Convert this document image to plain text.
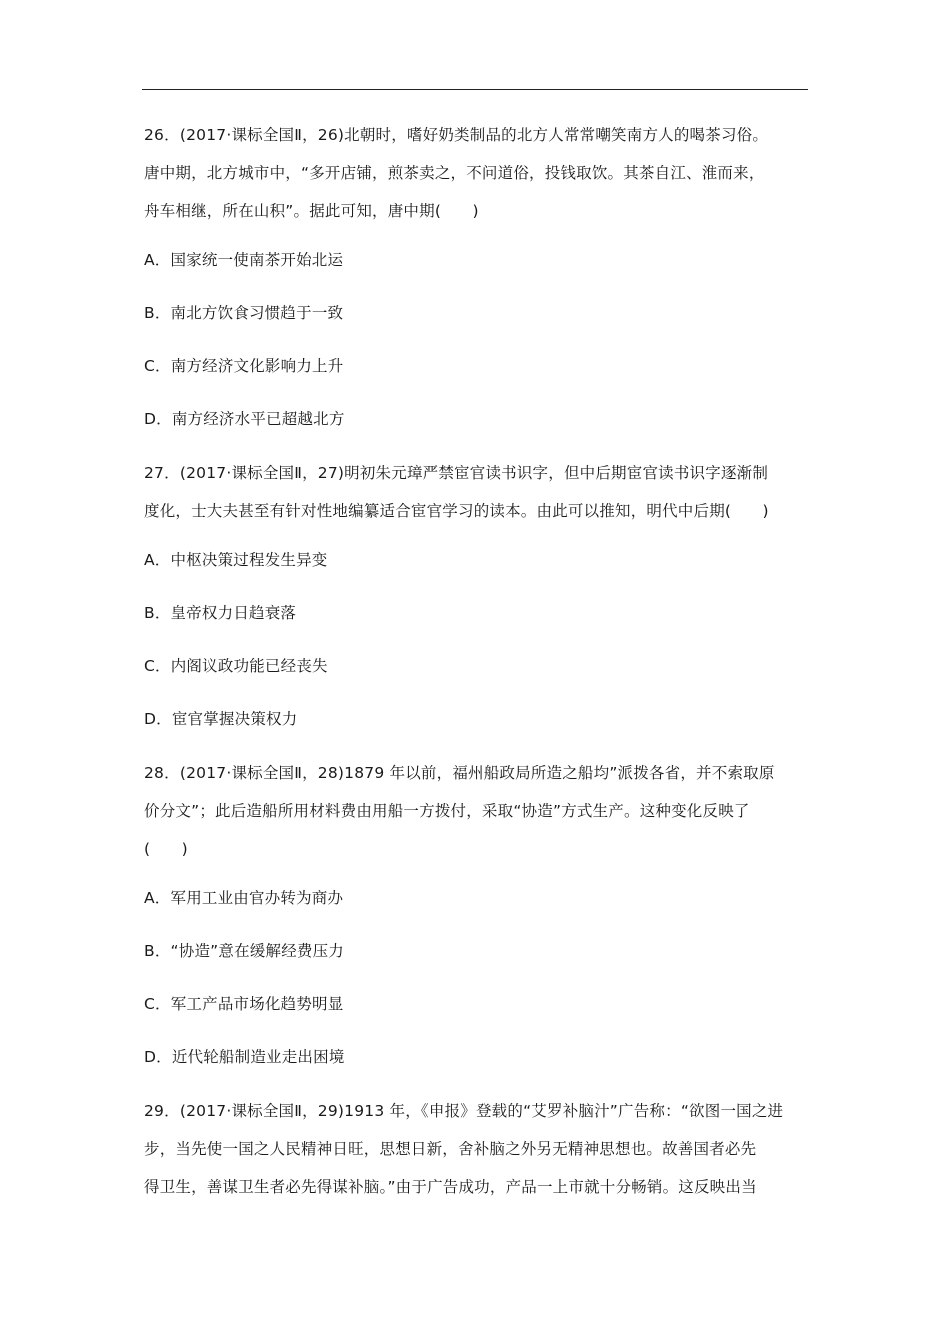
26．(2017·课标全国Ⅱ，26)北朝时，嗜好奶类制品的北方人常常嘲笑南方人的喝茶习俗。
唐中期，北方城市中，“多开店铺，煎茶卖之，不问道俗，投钱取饮。其茶自江、淮而来，
舟车相继，所在山积”。据此可知，唐中期(　　)
A．国家统一使南茶开始北运
B．南北方饮食习惯趋于一致
C．南方经济文化影响力上升
D．南方经济水平已超越北方
27．(2017·课标全国Ⅱ，27)明初朱元璋严禁宦官读书识字，但中后期宦官读书识字逐渐制
度化，士大夫甚至有针对性地编纂适合宦官学习的读本。由此可以推知，明代中后期(　　)
A．中枢决策过程发生异变
B．皇帝权力日趋衰落
C．内阁议政功能已经丧失
D．宦官掌握决策权力
28．(2017·课标全国Ⅱ，28)1879 年以前，福州船政局所造之船均”派拨各省，并不索取原
价分文”；此后造船所用材料费由用船一方拨付，采取“协造”方式生产。这种变化反映了
(　　)
A．军用工业由官办转为商办
B．“协造”意在缓解经费压力
C．军工产品市场化趋势明显
D．近代轮船制造业走出困境
29．(2017·课标全国Ⅱ，29)1913 年，《申报》登载的“艾罗补脑汁”广告称：“欲图一国之进
步，当先使一国之人民精神日旺，思想日新，舍补脑之外另无精神思想也。故善国者必先
得卫生，善谋卫生者必先得谋补脑。”由于广告成功，产品一上市就十分畅销。这反映出当
